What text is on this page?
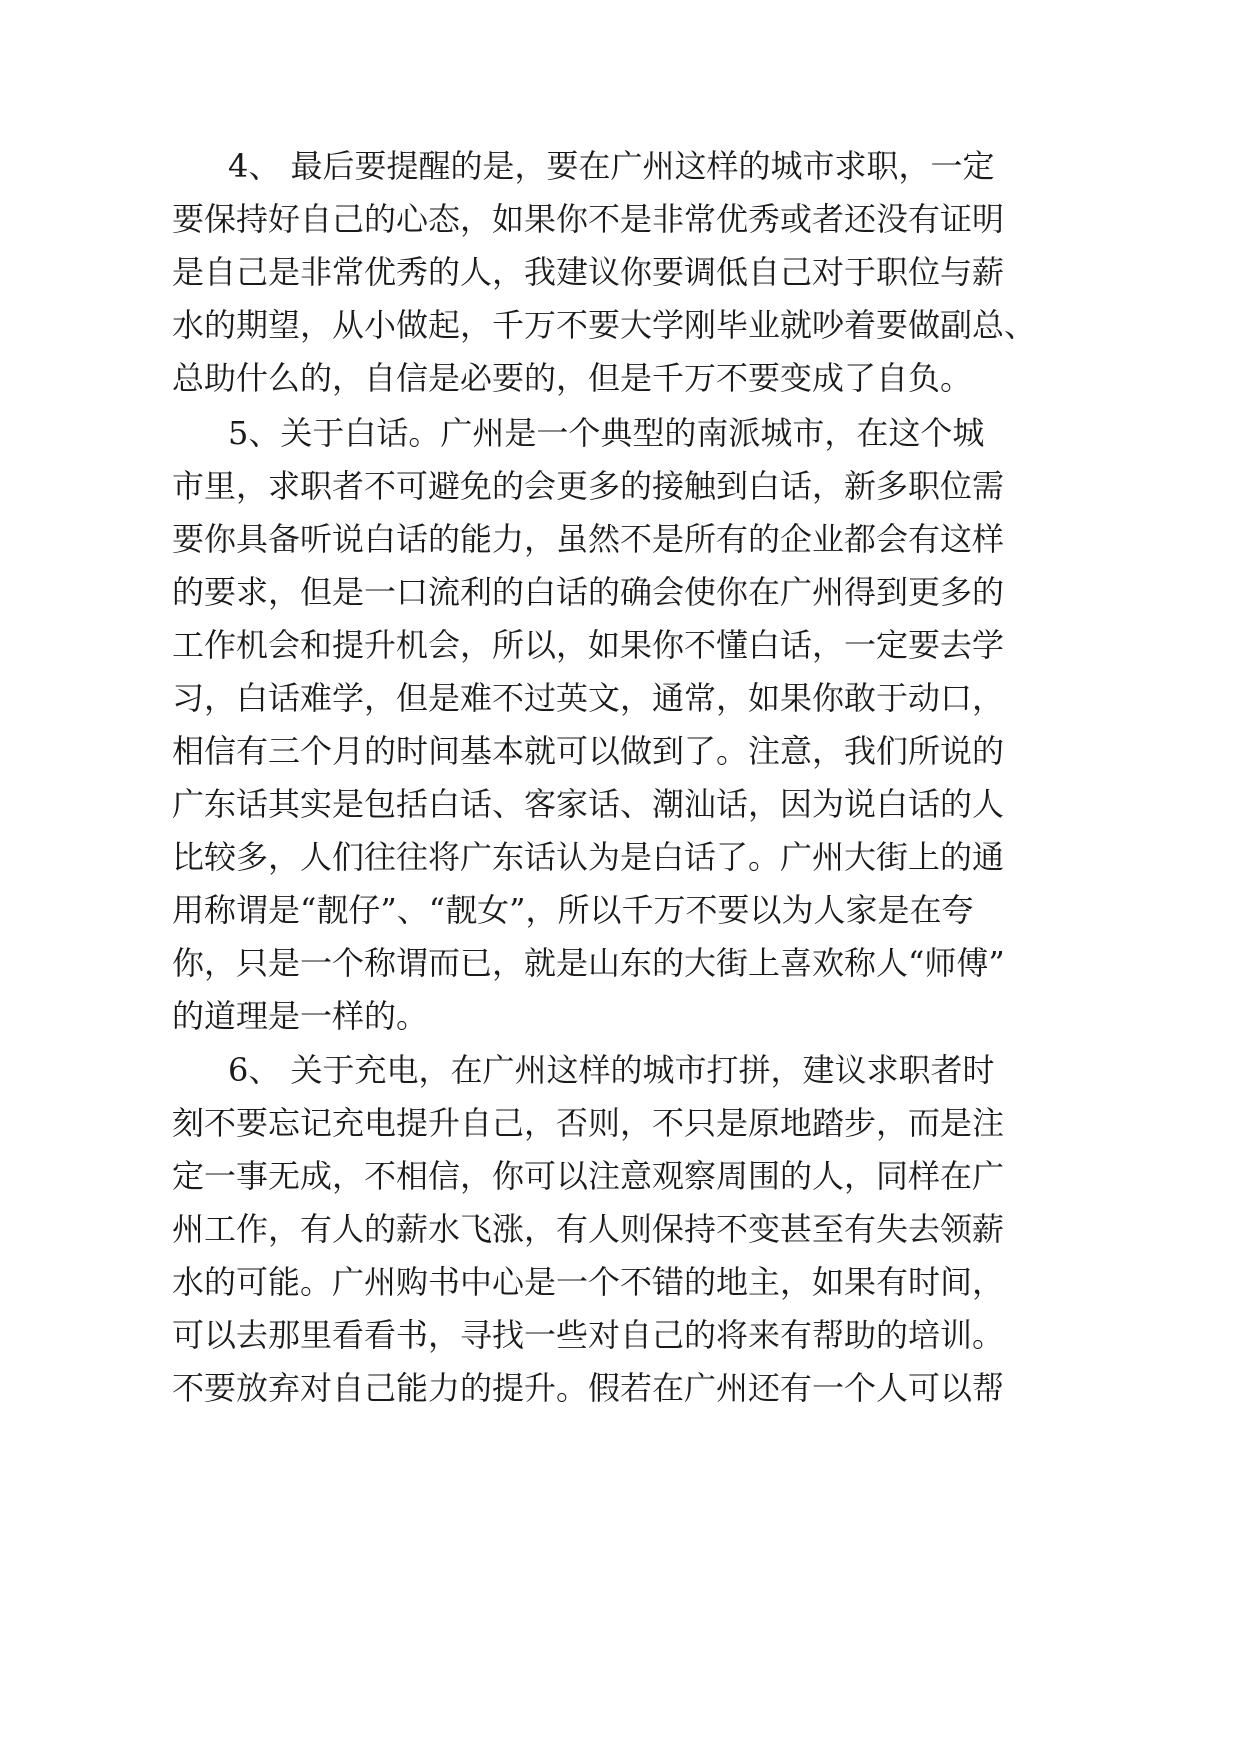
4、 最后要提醒的是，要在广州这样的城市求职，一定
要保持好自己的心态，如果你不是非常优秀或者还没有证明
是自己是非常优秀的人，我建议你要调低自己对于职位与薪
水的期望，从小做起，千万不要大学刚毕业就吵着要做副总、
总助什么的，自信是必要的，但是千万不要变成了自负。
5、关于白话。广州是一个典型的南派城市，在这个城
市里，求职者不可避免的会更多的接触到白话，新多职位需
要你具备听说白话的能力，虽然不是所有的企业都会有这样
的要求，但是一口流利的白话的确会使你在广州得到更多的
工作机会和提升机会，所以，如果你不懂白话，一定要去学
习，白话难学，但是难不过英文，通常，如果你敢于动口，
相信有三个月的时间基本就可以做到了。注意，我们所说的
广东话其实是包括白话、客家话、潮汕话，因为说白话的人
比较多，人们往往将广东话认为是白话了。广州大街上的通
用称谓是“靓仔”、“靓女”，所以千万不要以为人家是在夸
你，只是一个称谓而已，就是山东的大街上喜欢称人“师傅”
的道理是一样的。
6、 关于充电，在广州这样的城市打拼，建议求职者时
刻不要忘记充电提升自己，否则，不只是原地踏步，而是注
定一事无成，不相信，你可以注意观察周围的人，同样在广
州工作，有人的薪水飞涨，有人则保持不变甚至有失去领薪
水的可能。广州购书中心是一个不错的地主，如果有时间，
可以去那里看看书，寻找一些对自己的将来有帮助的培训。
不要放弃对自己能力的提升。假若在广州还有一个人可以帮
